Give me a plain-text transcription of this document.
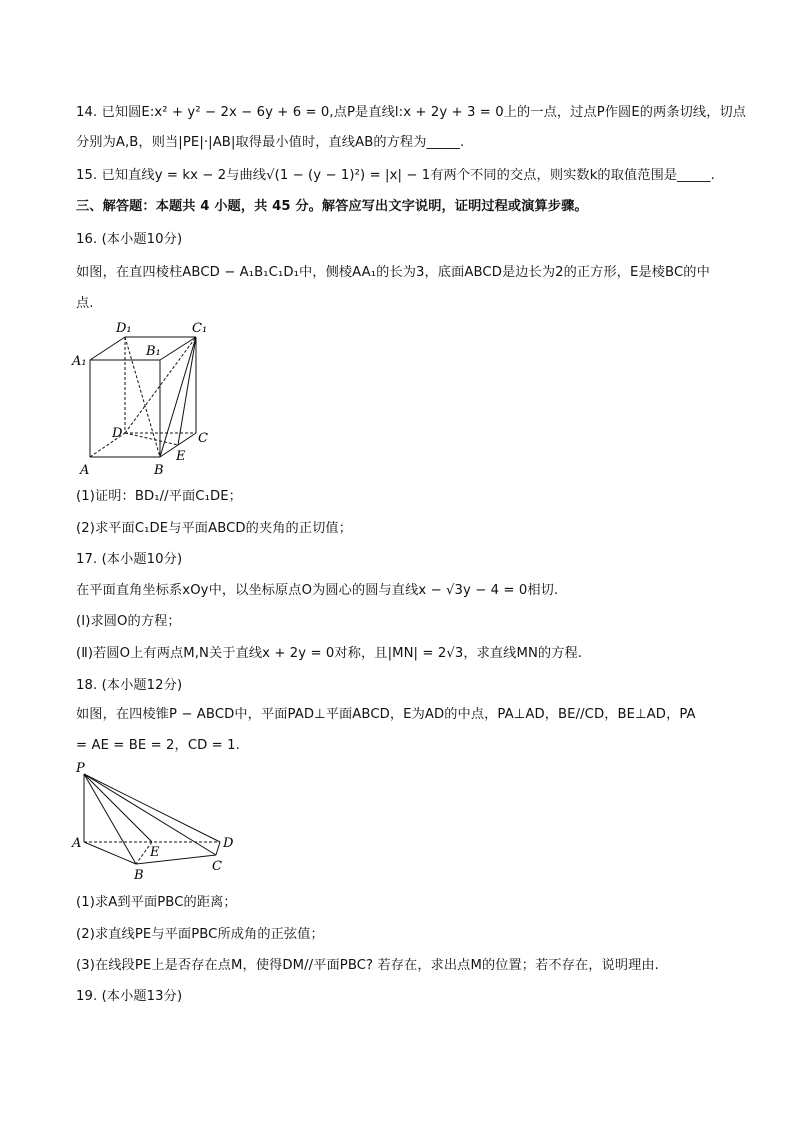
14. 已知圆E:x² + y² − 2x − 6y + 6 = 0,点P是直线l:x + 2y + 3 = 0上的一点，过点P作圆E的两条切线，切点
分别为A,B，则当|PE|·|AB|取得最小值时，直线AB的方程为_____.
15. 已知直线y = kx − 2与曲线√(1 − (y − 1)²) = |x| − 1有两个不同的交点，则实数k的取值范围是_____.
三、解答题：本题共 4 小题，共 45 分。解答应写出文字说明，证明过程或演算步骤。
16. (本小题10分)
如图，在直四棱柱ABCD − A₁B₁C₁D₁中，侧棱AA₁的长为3，底面ABCD是边长为2的正方形，E是棱BC的中
点.
D₁	C₁
A₁
B₁
D	C
A	B
E
(1)证明：BD₁//平面C₁DE；
(2)求平面C₁DE与平面ABCD的夹角的正切值；
17. (本小题10分)
在平面直角坐标系xOy中，以坐标原点O为圆心的圆与直线x − √3y − 4 = 0相切.
(Ⅰ)求圆O的方程；
(Ⅱ)若圆O上有两点M,N关于直线x + 2y = 0对称，且|MN| = 2√3，求直线MN的方程.
18. (本小题12分)
如图，在四棱锥P − ABCD中，平面PAD⊥平面ABCD，E为AD的中点，PA⊥AD，BE//CD，BE⊥AD，PA
= AE = BE = 2，CD = 1.
P
A	D
E
B
C
(1)求A到平面PBC的距离；
(2)求直线PE与平面PBC所成角的正弦值；
(3)在线段PE上是否存在点M，使得DM//平面PBC? 若存在，求出点M的位置；若不存在，说明理由.
19. (本小题13分)
